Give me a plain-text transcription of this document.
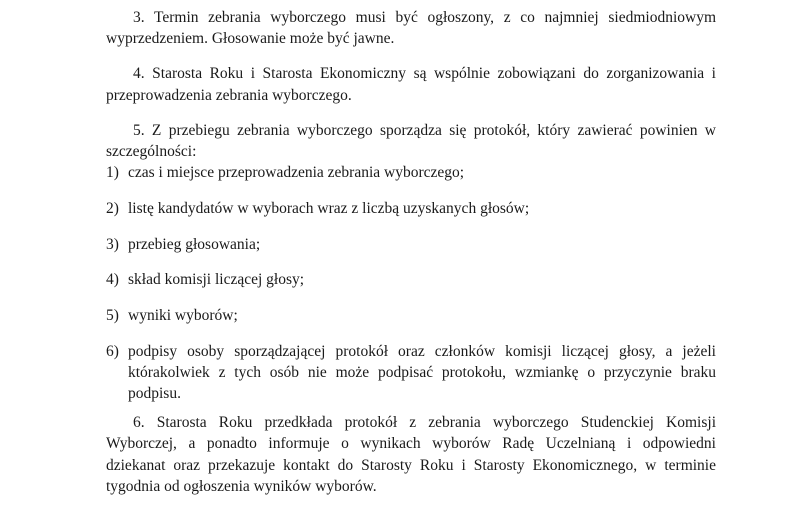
3. Termin zebrania wyborczego musi być ogłoszony, z co najmniej siedmiodniowym
wyprzedzeniem. Głosowanie może być jawne.
4. Starosta Roku i Starosta Ekonomiczny są wspólnie zobowiązani do zorganizowania i
przeprowadzenia zebrania wyborczego.
5. Z przebiegu zebrania wyborczego sporządza się protokół, który zawierać powinien w
szczególności:
1) czas i miejsce przeprowadzenia zebrania wyborczego;
2) listę kandydatów w wyborach wraz z liczbą uzyskanych głosów;
3) przebieg głosowania;
4) skład komisji liczącej głosy;
5) wyniki wyborów;
6) podpisy osoby sporządzającej protokół oraz członków komisji liczącej głosy, a jeżeli
którakolwiek z tych osób nie może podpisać protokołu, wzmiankę o przyczynie braku
podpisu.
6. Starosta Roku przedkłada protokół z zebrania wyborczego Studenckiej Komisji
Wyborczej, a ponadto informuje o wynikach wyborów Radę Uczelnianą i odpowiedni
dziekanat oraz przekazuje kontakt do Starosty Roku i Starosty Ekonomicznego, w terminie
tygodnia od ogłoszenia wyników wyborów.
